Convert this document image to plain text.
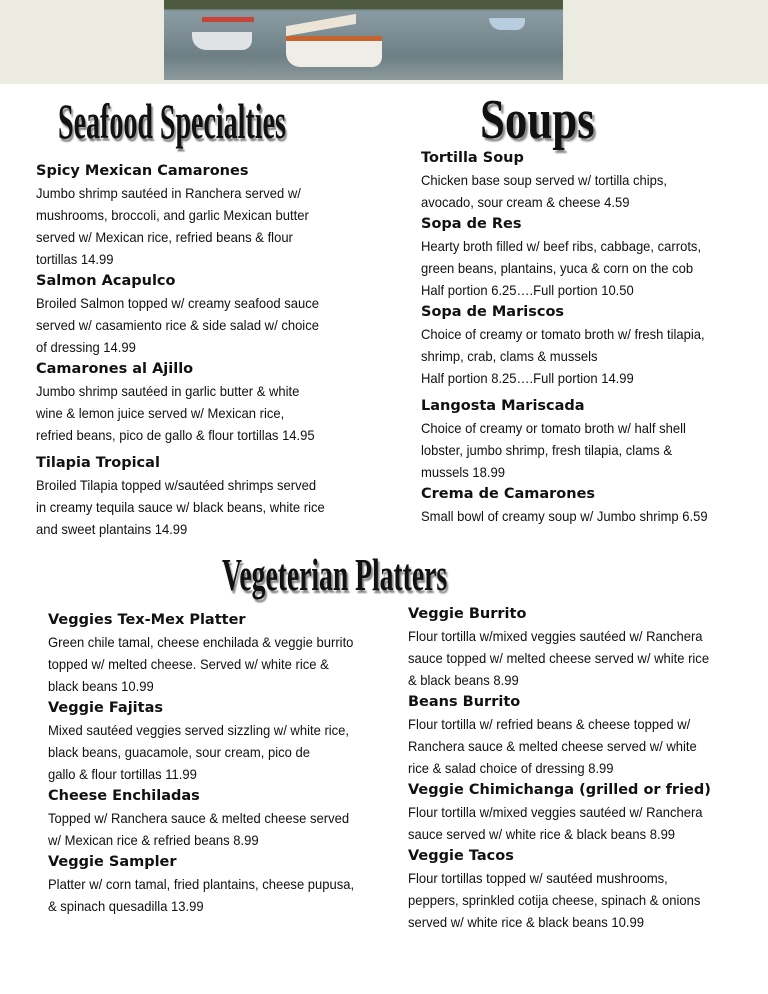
Seafood Specialties	Soups
Vegeterian Platters
Spicy Mexican Camarones
Jumbo shrimp sautéed in Ranchera served w/
mushrooms, broccoli, and garlic Mexican butter
served w/ Mexican rice, refried beans & flour
tortillas 14.99
Salmon Acapulco
Broiled Salmon topped w/ creamy seafood sauce
served w/ casamiento rice & side salad w/ choice
of dressing 14.99
Camarones al Ajillo
Jumbo shrimp sautéed in garlic butter & white
wine & lemon juice served w/ Mexican rice,
refried beans, pico de gallo & flour tortillas 14.95
Tilapia Tropical
Broiled Tilapia topped w/sautéed shrimps served
in creamy tequila sauce w/ black beans, white rice
and sweet plantains 14.99
Tortilla Soup
Chicken base soup served w/ tortilla chips,
avocado, sour cream & cheese 4.59
Sopa de Res
Hearty broth filled w/ beef ribs, cabbage, carrots,
green beans, plantains, yuca & corn on the cob
Half portion 6.25….Full portion 10.50
Sopa de Mariscos
Choice of creamy or tomato broth w/ fresh tilapia,
shrimp, crab, clams & mussels
Half portion 8.25….Full portion 14.99
Langosta Mariscada
Choice of creamy or tomato broth w/ half shell
lobster, jumbo shrimp, fresh tilapia, clams &
mussels 18.99
Crema de Camarones
Small bowl of creamy soup w/ Jumbo shrimp 6.59
Veggies Tex-Mex Platter
Green chile tamal, cheese enchilada & veggie burrito
topped w/ melted cheese. Served w/ white rice &
black beans 10.99
Veggie Fajitas
Mixed sautéed veggies served sizzling w/ white rice,
black beans, guacamole, sour cream, pico de
gallo & flour tortillas 11.99
Cheese Enchiladas
Topped w/ Ranchera sauce & melted cheese served
w/ Mexican rice & refried beans 8.99
Veggie Sampler
Platter w/ corn tamal, fried plantains, cheese pupusa,
& spinach quesadilla 13.99
Veggie Burrito
Flour tortilla w/mixed veggies sautéed w/ Ranchera
sauce topped w/ melted cheese served w/ white rice
& black beans 8.99
Beans Burrito
Flour tortilla w/ refried beans & cheese topped w/
Ranchera sauce & melted cheese served w/ white
rice & salad choice of dressing 8.99
Veggie Chimichanga (grilled or fried)
Flour tortilla w/mixed veggies sautéed w/ Ranchera
sauce served w/ white rice & black beans 8.99
Veggie Tacos
Flour tortillas topped w/ sautéed mushrooms,
peppers, sprinkled cotija cheese, spinach & onions
served w/ white rice & black beans 10.99
